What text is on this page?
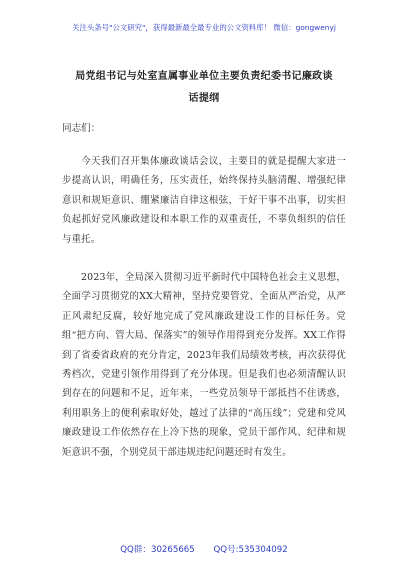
关注头条号"公文研究"，获得最新最全最专业的公文资料库！ 微信：gongwenyj
局党组书记与处室直属事业单位主要负责纪委书记廉政谈
话提纲
同志们：
今天我们召开集体廉政谈话会议，主要目的就是提醒大家进一步提高认识，明确任务，压实责任，始终保持头脑清醒、增强纪律意识和规矩意识、绷紧廉洁自律这根弦，干好干事不出事，切实担负起抓好党风廉政建设和本职工作的双重责任，不辜负组织的信任与重托。
2023年，全局深入贯彻习近平新时代中国特色社会主义思想，全面学习贯彻党的XX大精神，坚持党要管党、全面从严治党，从严正风肃纪反腐，较好地完成了党风廉政建设工作的目标任务。党组“把方向、管大局、保落实”的领导作用得到充分发挥。XX工作得到了省委省政府的充分肯定，2023年我们局绩效考核，再次获得优秀档次，党建引领作用得到了充分体现。但是我们也必须清醒认识到存在的问题和不足，近年来，一些党员领导干部抵挡不住诱惑，利用职务上的便利索取好处，越过了法律的“高压线”；党建和党风廉政建设工作依然存在上冷下热的现象，党员干部作风、纪律和规矩意识不强，个别党员干部违规违纪问题还时有发生。
QQ群：30265665 QQ号:535304092
